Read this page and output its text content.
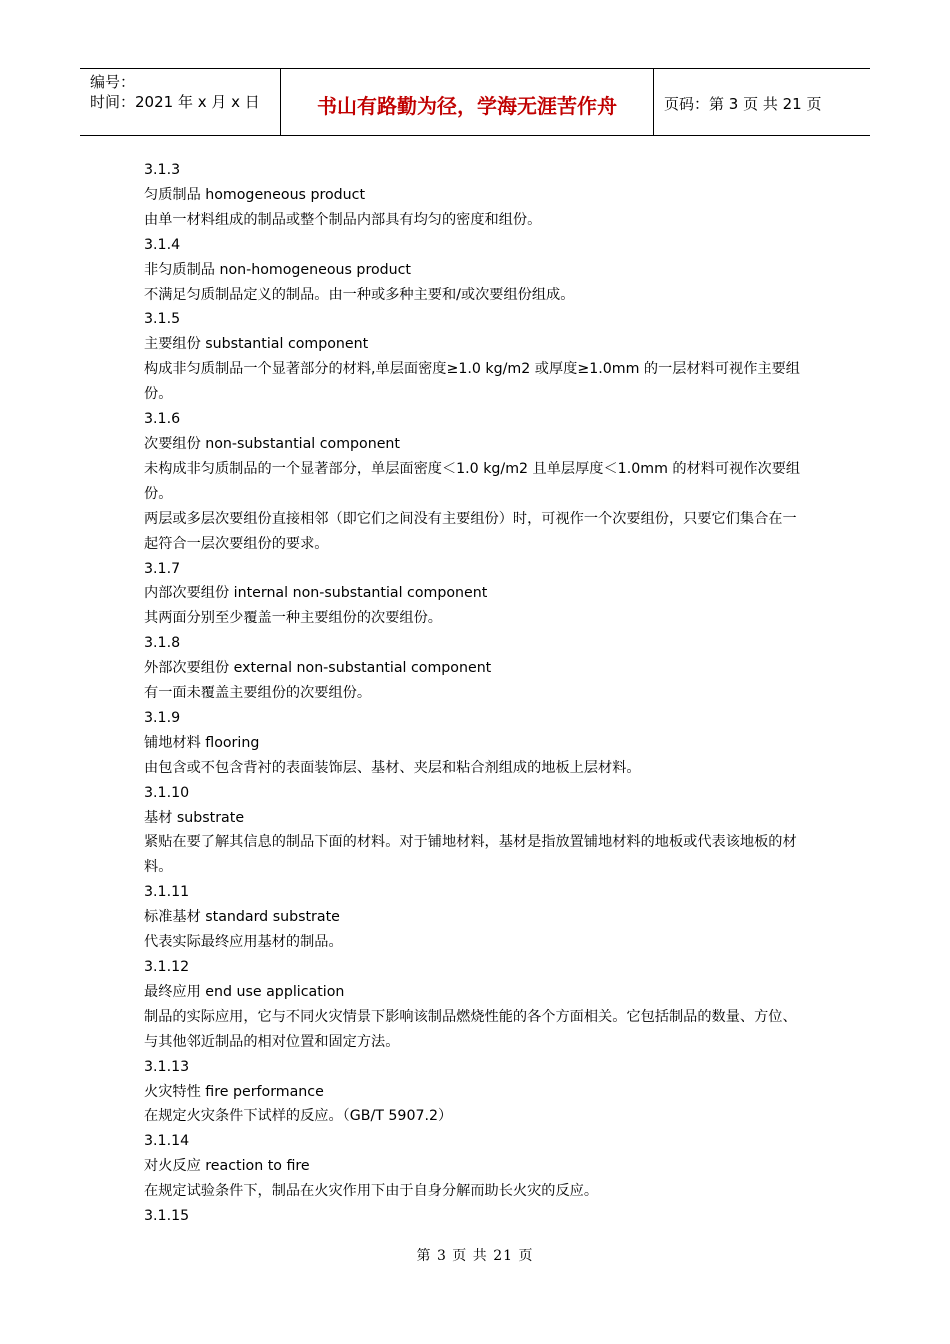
编号：
时间：2021 年 x 月 x 日	书山有路勤为径，学海无涯苦作舟	页码：第 3 页 共 21 页

3.1.3

匀质制品 homogeneous product

由单一材料组成的制品或整个制品内部具有均匀的密度和组份。

3.1.4

非匀质制品 non-homogeneous product

不满足匀质制品定义的制品。由一种或多种主要和/或次要组份组成。

3.1.5

主要组份 substantial component

构成非匀质制品一个显著部分的材料,单层面密度≥1.0 kg/m2 或厚度≥1.0mm 的一层材料可视作主要组份。

3.1.6

次要组份 non-substantial component

未构成非匀质制品的一个显著部分，单层面密度＜1.0 kg/m2 且单层厚度＜1.0mm 的材料可视作次要组份。

两层或多层次要组份直接相邻（即它们之间没有主要组份）时，可视作一个次要组份，只要它们集合在一起符合一层次要组份的要求。

3.1.7

内部次要组份 internal non-substantial component

其两面分别至少覆盖一种主要组份的次要组份。

3.1.8

外部次要组份 external non-substantial component

有一面未覆盖主要组份的次要组份。

3.1.9

铺地材料 flooring

由包含或不包含背衬的表面装饰层、基材、夹层和粘合剂组成的地板上层材料。

3.1.10

基材 substrate

紧贴在要了解其信息的制品下面的材料。对于铺地材料，基材是指放置铺地材料的地板或代表该地板的材料。

3.1.11

标准基材 standard substrate

代表实际最终应用基材的制品。

3.1.12

最终应用 end use application

制品的实际应用，它与不同火灾情景下影响该制品燃烧性能的各个方面相关。它包括制品的数量、方位、与其他邻近制品的相对位置和固定方法。

3.1.13

火灾特性 fire performance

在规定火灾条件下试样的反应。（GB/T 5907.2）

3.1.14

对火反应 reaction to fire

在规定试验条件下，制品在火灾作用下由于自身分解而助长火灾的反应。

3.1.15

第 3 页 共 21 页
